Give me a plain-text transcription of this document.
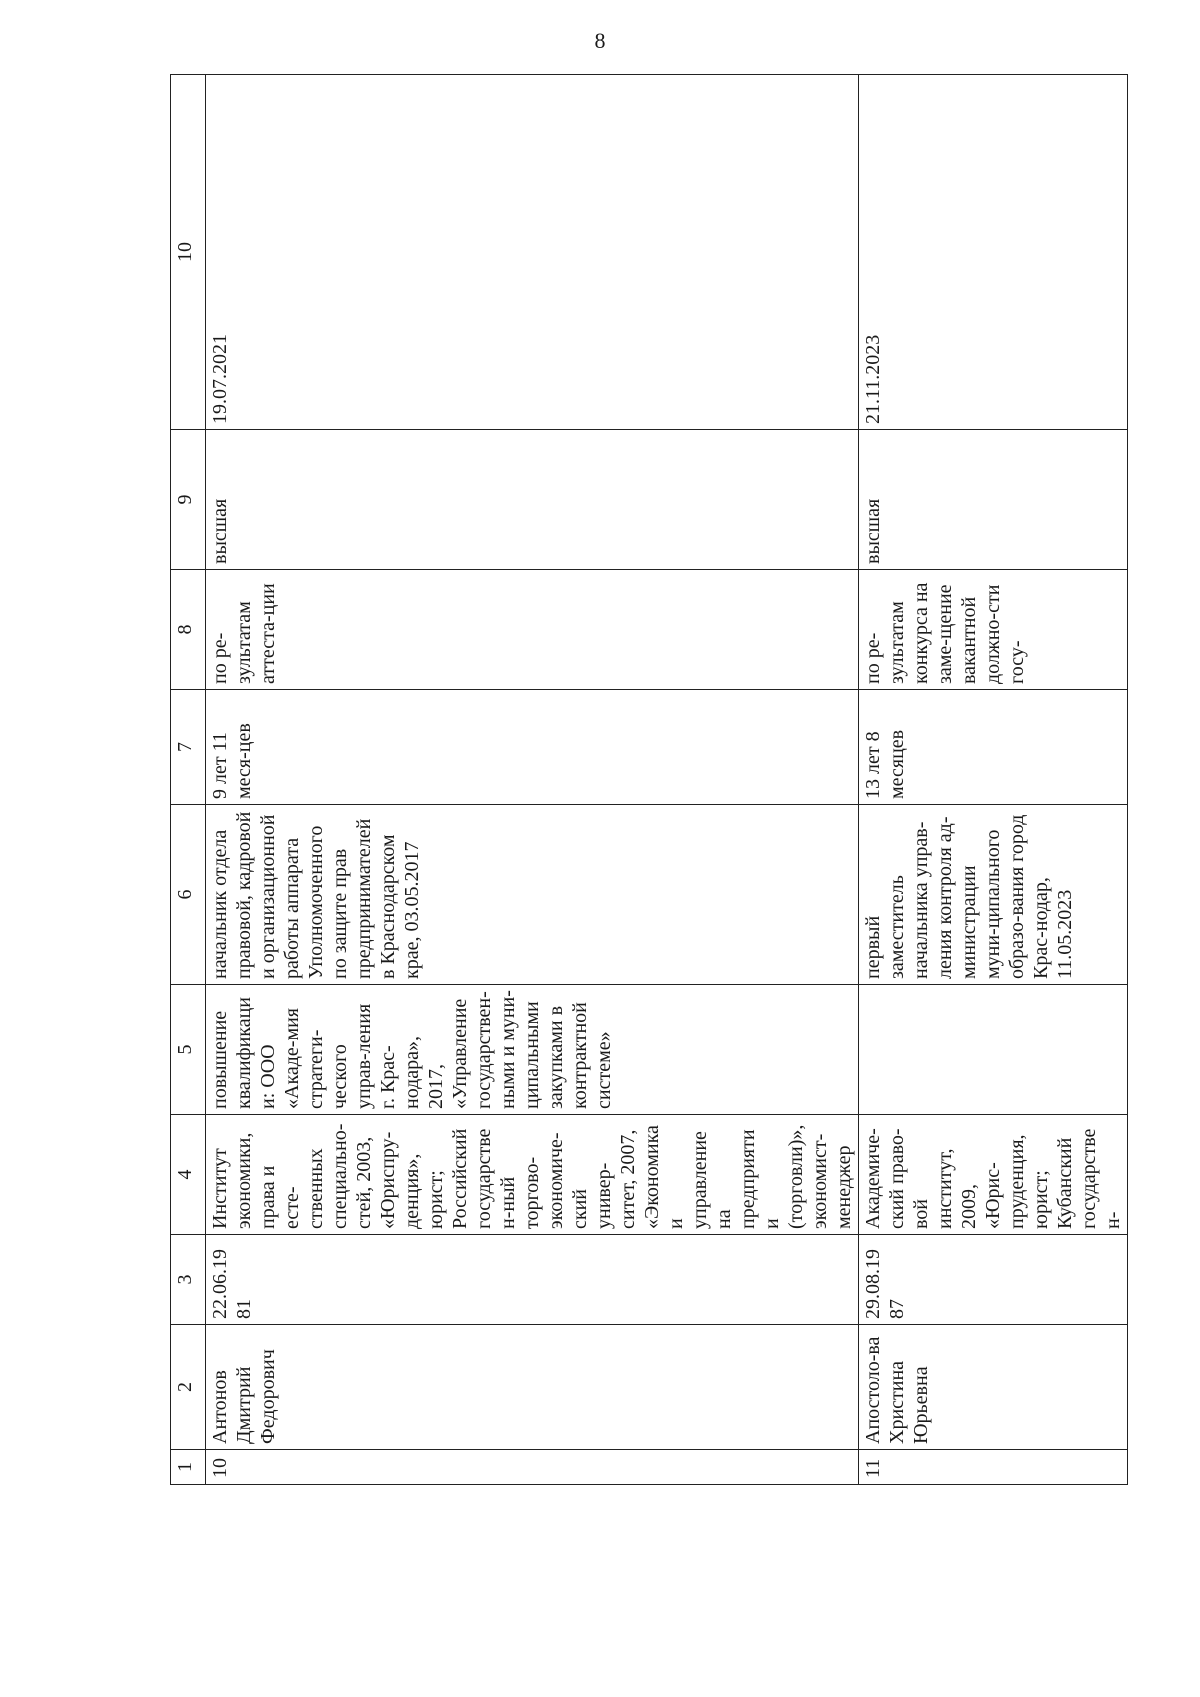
8
1	2	3	4	5	6	7	8	9	10
10	Антонов Дмитрий Федорович	22.06.1981	Институт экономики, права и есте-ственных специально-стей, 2003, «Юриспру-денция», юрист; Российский государствен-ный торгово-экономиче-ский универ-ситет, 2007, «Экономика и управление на предприятии (торговли)», экономист-менеджер	повышение квалификации: ООО «Акаде-мия стратеги-ческого управ-ления г. Крас-нодара», 2017, «Управление государствен-ными и муни-ципальными закупками в контрактной системе»	начальник отдела правовой, кадровой и организационной работы аппарата Уполномоченного по защите прав предпринимателей в Краснодарском крае, 03.05.2017	9 лет 11 меся-цев	по ре-зультатам аттеста-ции	высшая	19.07.2021
11	Апостоло-ва Христина Юрьевна	29.08.1987	Академиче-ский право-вой институт, 2009, «Юрис-пруденция, юрист; Кубанский государствен-		первый заместитель начальника управ-ления контроля ад-министрации муни-ципального образо-вания город Крас-нодар, 11.05.2023	13 лет 8 месяцев	по ре-зультатам конкурса на заме-щение вакантной должно-сти госу-	высшая	21.11.2023
